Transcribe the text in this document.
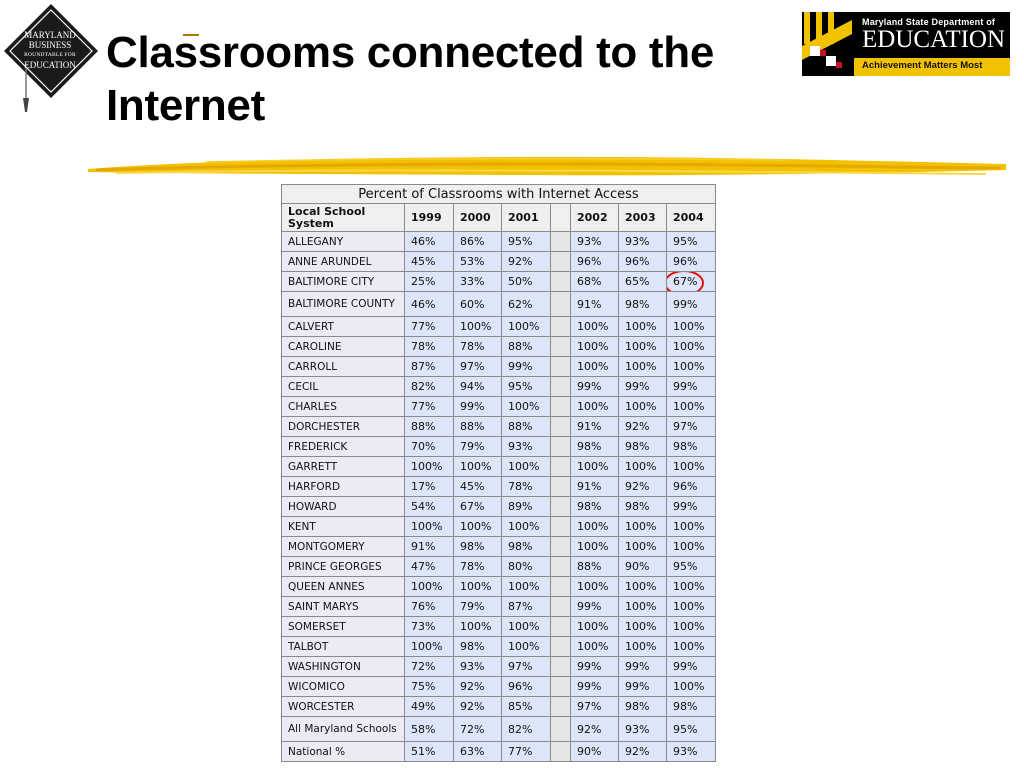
MARYLAND
BUSINESS
ROUNDTABLE FOR
EDUCATION Classrooms connected to the Internet
Maryland State Department of
EDUCATION
Achievement Matters Most
Percent of Classrooms with Internet Access
Local School System	1999	2000	2001		2002	2003	2004
ALLEGANY	46%	86%	95%		93%	93%	95%
ANNE ARUNDEL	45%	53%	92%		96%	96%	96%
BALTIMORE CITY	25%	33%	50%		68%	65%	67%
BALTIMORE COUNTY	46%	60%	62%		91%	98%	99%
CALVERT	77%	100%	100%		100%	100%	100%
CAROLINE	78%	78%	88%		100%	100%	100%
CARROLL	87%	97%	99%		100%	100%	100%
CECIL	82%	94%	95%		99%	99%	99%
CHARLES	77%	99%	100%		100%	100%	100%
DORCHESTER	88%	88%	88%		91%	92%	97%
FREDERICK	70%	79%	93%		98%	98%	98%
GARRETT	100%	100%	100%		100%	100%	100%
HARFORD	17%	45%	78%		91%	92%	96%
HOWARD	54%	67%	89%		98%	98%	99%
KENT	100%	100%	100%		100%	100%	100%
MONTGOMERY	91%	98%	98%		100%	100%	100%
PRINCE GEORGES	47%	78%	80%		88%	90%	95%
QUEEN ANNES	100%	100%	100%		100%	100%	100%
SAINT MARYS	76%	79%	87%		99%	100%	100%
SOMERSET	73%	100%	100%		100%	100%	100%
TALBOT	100%	98%	100%		100%	100%	100%
WASHINGTON	72%	93%	97%		99%	99%	99%
WICOMICO	75%	92%	96%		99%	99%	100%
WORCESTER	49%	92%	85%		97%	98%	98%
All Maryland Schools	58%	72%	82%		92%	93%	95%
National %	51%	63%	77%		90%	92%	93%
